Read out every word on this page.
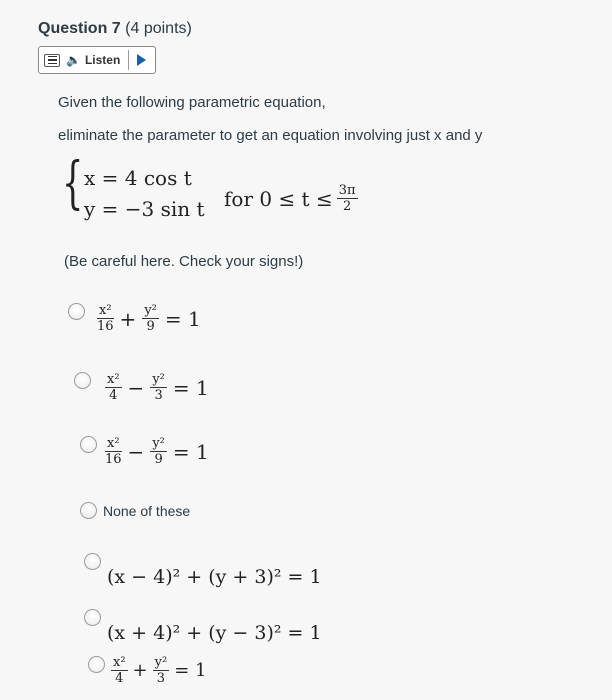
Question 7 (4 points)
🔈 Listen
Given the following parametric equation,
eliminate the parameter to get an equation involving just x and y
{ x = 4 cos t
y = −3 sin t for $0 \le t \le \frac{3\pi}{2}$
(Be careful here. Check your signs!)
$\frac{\text{x²}}{16} + \frac{\text{y²}}{9} = 1$
$\frac{\text{x²}}{4} - \frac{\text{y²}}{3} = 1$
$\frac{\text{x²}}{16} - \frac{\text{y²}}{9} = 1$
None of these
(x − 4)² + (y + 3)² = 1
(x + 4)² + (y − 3)² = 1
$\frac{\text{x²}}{4} + \frac{\text{y²}}{3} = 1$
